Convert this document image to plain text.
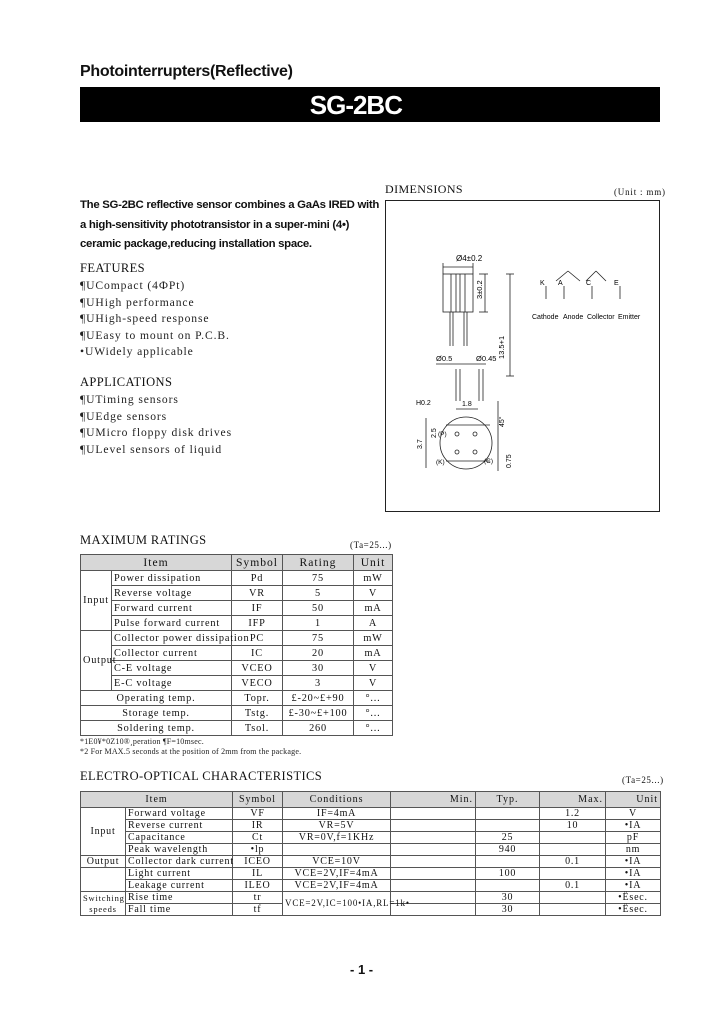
Photointerrupters(Reflective)
SG-2BC
The SG-2BC reflective sensor combines a GaAs IRED with a high-sensitivity phototransistor in a super-mini (4•) ceramic package,reducing installation space.
FEATURES
¶UCompact (4ФPt)
¶UHigh performance
¶UHigh-speed response
¶UEasy to mount on P.C.B.
•UWidely applicable
APPLICATIONS
¶UTiming sensors
¶UEdge sensors
¶UMicro floppy disk drives
¶ULevel sensors of liquid
DIMENSIONS	(Unit : mm)
Ø4±0.2
3±0.2
Ø0.5	Ø0.45 13.5+1
K A	C	E
Cathode Anode Collector Emitter
H0.2	1.8
3.7
2.5
0.75
45°
(P)
(K)	(C)
MAXIMUM RATINGS	(Ta=25...)
Item		Symbol	Rating	Unit
Input	Power dissipation	Pd	75	mW
	Reverse voltage	VR	5	V
	Forward current	IF	50	mA
	Pulse forward current	IFP	1	A
Output	Collector power dissipation	PC	75	mW
	Collector current	IC	20	mA
	C-E voltage	VCEO	30	V
	E-C voltage	VECO	3	V
Operating temp.		Topr.	£-20~£+90	°...
Storage temp.		Tstg.	£-30~£+100	°...
Soldering temp.		Tsol.	260	°...
*1E0¥*0Z10®¸peration ¶F=10msec.
*2 For MAX.5 seconds at the position of 2mm from the package.
ELECTRO-OPTICAL CHARACTERISTICS	(Ta=25...)
Item		Symbol	Conditions	Min.	Typ.	Max.	Unit
Input	Forward voltage	VF	IF=4mA			1.2	V
	Reverse current	IR	VR=5V			10	•IA
	Capacitance	Ct	VR=0V,f=1KHz		25		pF
	Peak wavelength	•lp			940		nm
Output	Collector dark current	ICEO	VCE=10V			0.1	•IA
	Light current	IL	VCE=2V,IF=4mA		100		•IA
	Leakage current	ILEO	VCE=2V,IF=4mA			0.1	•IA

Switching
speeds	Rise time	tr	VCE=2V,IC=100•IA,RL=1k•		30		•Ësec.
	Fall time	tf			30		•Ësec.
- 1 -
